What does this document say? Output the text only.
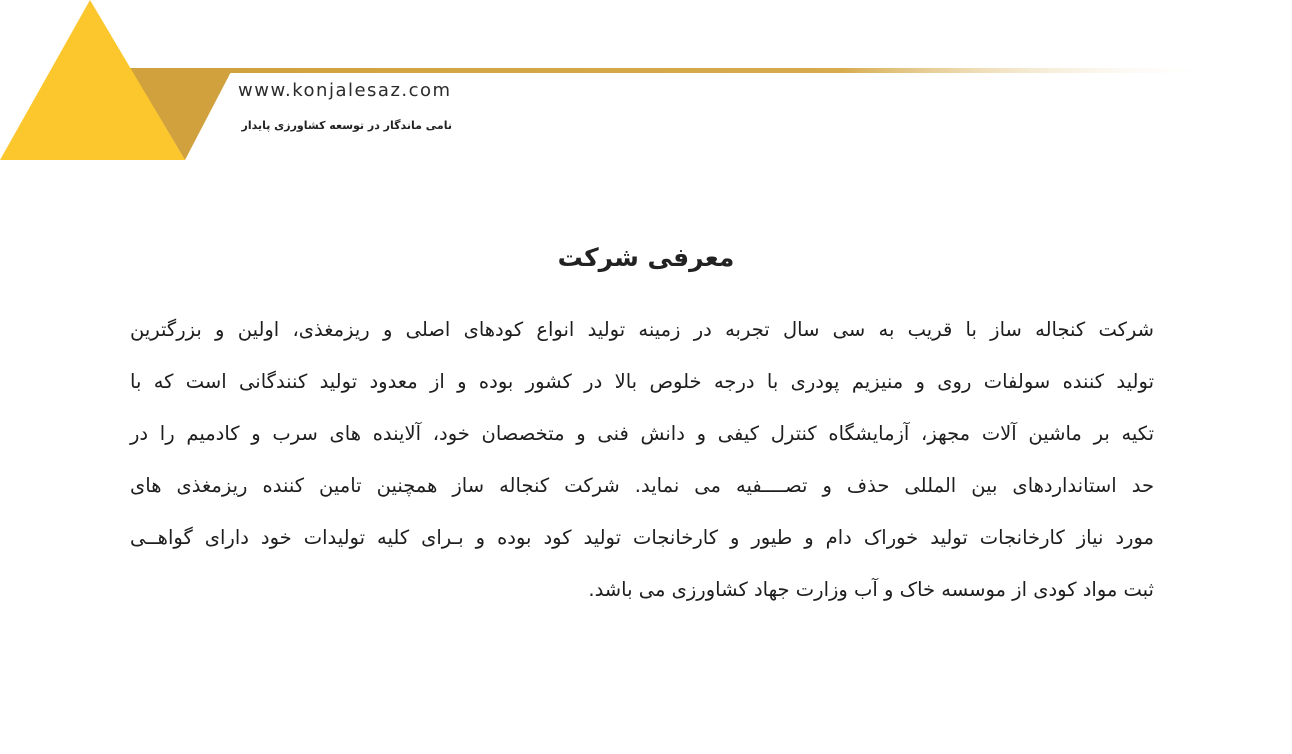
www.konjalesaz.com
نامی ماندگار در توسعه کشاورزی پایدار
معرفی شرکت
شرکت کنجاله ساز با قریب به سی سال تجربه در زمینه تولید انواع کودهای اصلی و ریزمغذی، اولین و بزرگترین
تولید کننده سولفات روی و منیزیم پودری با درجه خلوص بالا در کشور بوده و از معدود تولید کنندگانی است که با
تکیه بر ماشین آلات مجهز، آزمایشگاه کنترل کیفی و دانش فنی و متخصصان خود، آلاینده های سرب و کادمیم را در
حد استانداردهای بین المللی حذف و تصــــفیه می نماید. شرکت کنجاله ساز همچنین تامین کننده ریزمغذی های
مورد نیاز کارخانجات تولید خوراک دام و طیور و کارخانجات تولید کود بوده و بـرای کلیه تولیدات خود دارای گواهــی
ثبت مواد کودی از موسسه خاک و آب وزارت جهاد کشاورزی می باشد.
